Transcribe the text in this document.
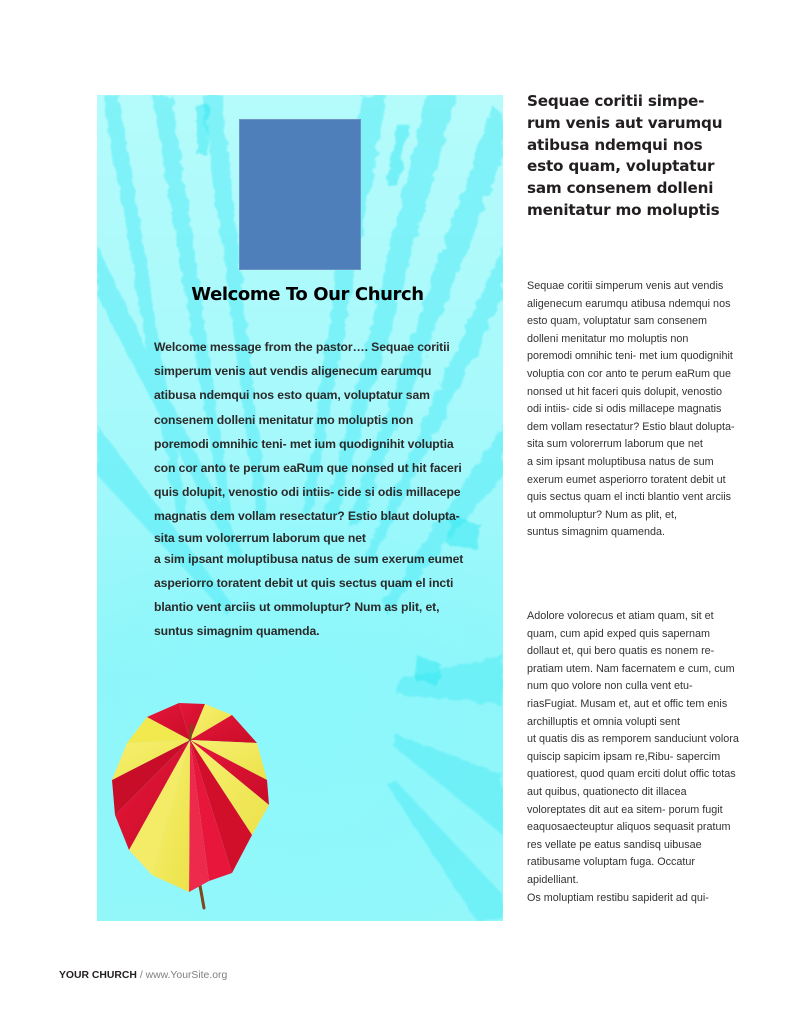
Welcome To Our Church

Welcome message from the pastor…. Sequae coritii

simperum venis aut vendis aligenecum earumqu

atibusa ndemqui nos esto quam, voluptatur sam

consenem dolleni menitatur mo moluptis non

poremodi omnihic teni- met ium quodignihit voluptia

con cor anto te perum eaRum que nonsed ut hit faceri

quis dolupit, venostio odi intiis- cide si odis millacepe

magnatis dem vollam resectatur? Estio blaut dolupta-

sita sum volorerrum laborum que net

a sim ipsant moluptibusa natus de sum exerum eumet

asperiorro toratent debit ut quis sectus quam el incti

blantio vent arciis ut ommoluptur? Num as plit, et,

suntus simagnim quamenda.

Sequae coritii simpe-
rum venis aut varumqu
atibusa ndemqui nos
esto quam, voluptatur
sam consenem dolleni
menitatur mo moluptis
Sequae coritii simperum venis aut vendis
aligenecum earumqu atibusa ndemqui nos
esto quam, voluptatur sam consenem
dolleni menitatur mo moluptis non
poremodi omnihic teni- met ium quodignihit
voluptia con cor anto te perum eaRum que
nonsed ut hit faceri quis dolupit, venostio
odi intiis- cide si odis millacepe magnatis
dem vollam resectatur? Estio blaut dolupta-
sita sum volorerrum laborum que net
a sim ipsant moluptibusa natus de sum
exerum eumet asperiorro toratent debit ut
quis sectus quam el incti blantio vent arciis
ut ommoluptur? Num as plit, et,
suntus simagnim quamenda.
Adolore volorecus et atiam quam, sit et
quam, cum apid exped quis sapernam
dollaut et, qui bero quatis es nonem re-
pratiam utem. Nam facernatem e cum, cum
num quo volore non culla vent etu-
riasFugiat. Musam et, aut et offic tem enis
archilluptis et omnia volupti sent
ut quatis dis as remporem sanduciunt volora
quiscip sapicim ipsam re,Ribu- sapercim
quatiorest, quod quam erciti dolut offic totas
aut quibus, quationecto dit illacea
voloreptates dit aut ea sitem- porum fugit
eaquosaecteuptur aliquos sequasit pratum
res vellate pe eatus sandisq uibusae
ratibusame voluptam fuga. Occatur
apidelliant.
Os moluptiam restibu sapiderit ad qui-
YOUR CHURCH / www.YourSite.org
